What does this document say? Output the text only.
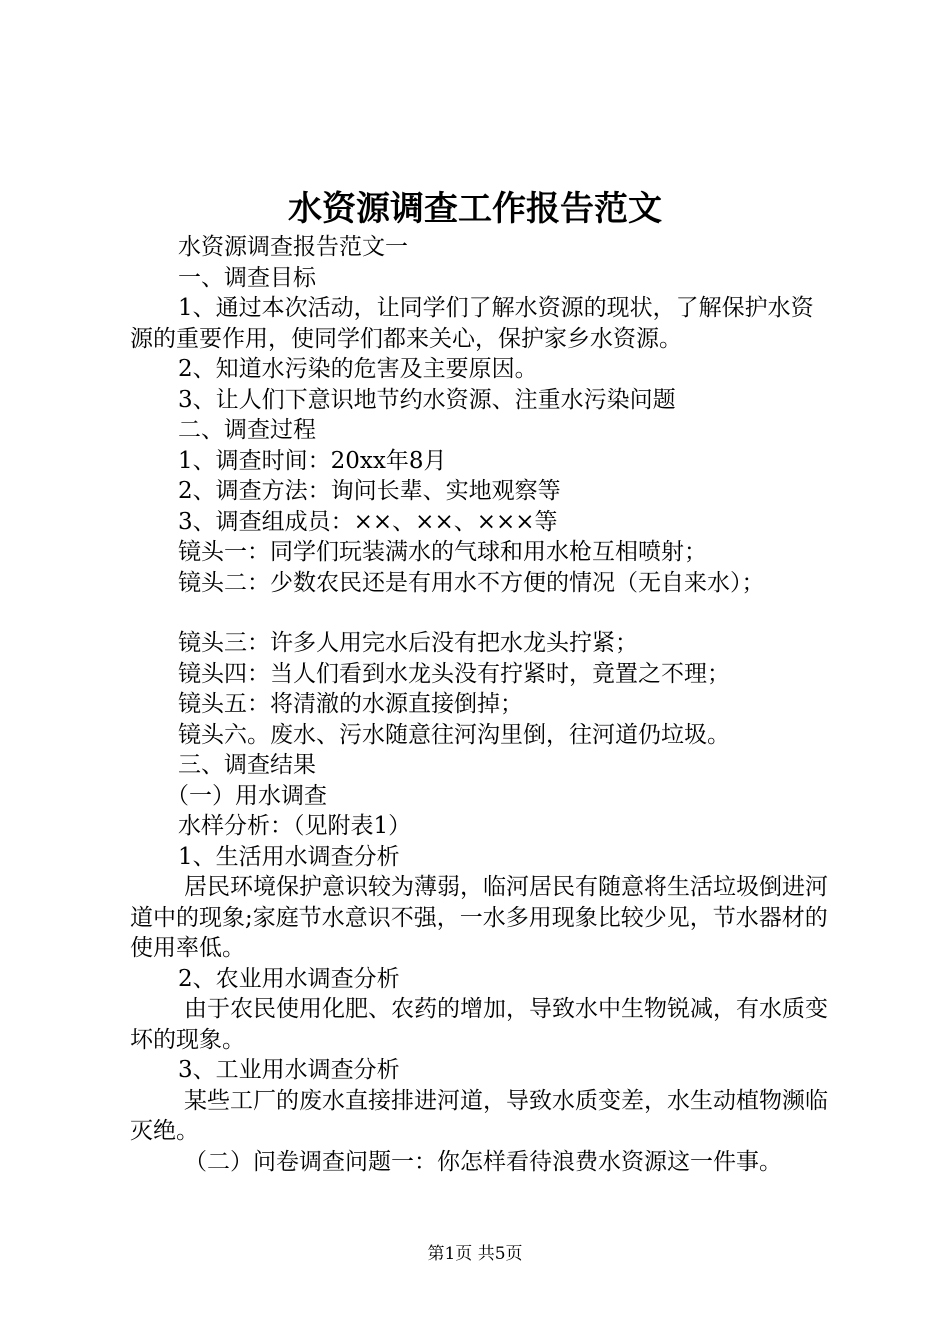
水资源调查工作报告范文

水资源调查报告范文一

一、调查目标

1、通过本次活动，让同学们了解水资源的现状，了解保护水资源的重要作用，使同学们都来关心，保护家乡水资源。

2、知道水污染的危害及主要原因。

3、让人们下意识地节约水资源、注重水污染问题

二、调查过程

1、调查时间：20xx年8月

2、调查方法：询问长辈、实地观察等

3、调查组成员：××、××、×××等

镜头一：同学们玩装满水的气球和用水枪互相喷射；

镜头二：少数农民还是有用水不方便的情况（无自来水）；

镜头三：许多人用完水后没有把水龙头拧紧；

镜头四：当人们看到水龙头没有拧紧时，竟置之不理；

镜头五：将清澈的水源直接倒掉；

镜头六。废水、污水随意往河沟里倒，往河道仍垃圾。

三、调查结果

（一）用水调查

水样分析：（见附表1）

1、生活用水调查分析

居民环境保护意识较为薄弱，临河居民有随意将生活垃圾倒进河道中的现象;家庭节水意识不强，一水多用现象比较少见，节水器材的使用率低。

2、农业用水调查分析

由于农民使用化肥、农药的增加，导致水中生物锐减，有水质变坏的现象。

3、工业用水调查分析

某些工厂的废水直接排进河道，导致水质变差，水生动植物濒临灭绝。

（二）问卷调查问题一：你怎样看待浪费水资源这一件事。

第1页 共5页
